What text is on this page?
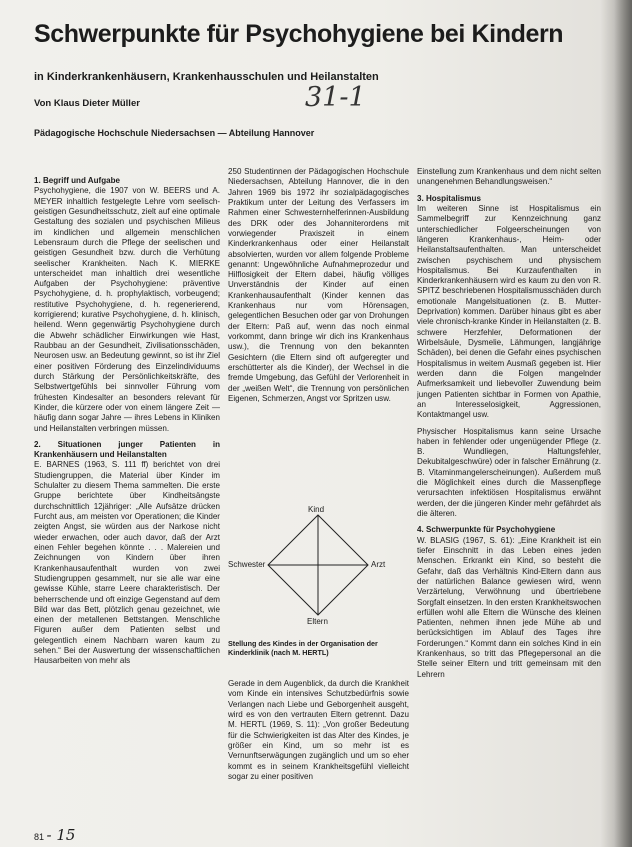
Schwerpunkte für Psychohygiene bei Kindern

in Kinderkrankenhäusern, Krankenhausschulen und Heilanstalten

Von Klaus Dieter Müller	31-1

Pädagogische Hochschule Niedersachsen — Abteilung Hannover

1. Begriff und Aufgabe

Psychohygiene, die 1907 von W. BEERS und A. MEYER inhaltlich festgelegte Lehre vom seelisch-geistigen Gesundheitsschutz, zielt auf eine optimale Gestaltung des sozialen und psychischen Milieus im kindlichen und allgemein menschlichen Lebensraum durch die Pflege der seelischen und geistigen Gesundheit bzw. durch die Verhütung seelischer Krankheiten. Nach K. MIERKE unterscheidet man inhaltlich drei wesentliche Aufgaben der Psychohygiene: präventive Psychohygiene, d. h. prophylaktisch, vorbeugend; restitutive Psychohygiene, d. h. regenerierend, korrigierend; kurative Psychohygiene, d. h. klinisch, heilend. Wenn gegenwärtig Psychohygiene durch die Abwehr schädlicher Einwirkungen wie Hast, Raubbau an der Gesundheit, Zivilisationsschäden, Neurosen usw. an Bedeutung gewinnt, so ist ihr Ziel einer positiven Förderung des Einzelindividuums durch Stärkung der Persönlichkeitskräfte, des Selbstwertgefühls bei sinnvoller Führung vom frühesten Kindesalter an besonders relevant für Kinder, die kürzere oder von einem längere Zeit — häufig dann sogar Jahre — ihres Lebens in Kliniken und Heilanstalten verbringen müssen.

2. Situationen junger Patienten in Krankenhäusern und Heilanstalten

E. BARNES (1963, S. 111 ff) berichtet von drei Studiengruppen, die Material über Kinder im Schulalter zu diesem Thema sammelten. Die erste Gruppe berichtete über Kindheitsängste durchschnittlich 12jähriger: „Alle Aufsätze drücken Furcht aus, am meisten vor Operationen; die Kinder zeigten Angst, sie würden aus der Narkose nicht wieder erwachen, oder auch davor, daß der Arzt einen Fehler begehen könnte . . . Malereien und Zeichnungen von Kindern über ihren Krankenhausaufenthalt wurden von zwei Studiengruppen gesammelt, nur sie alle war eine gewisse Kühle, starre Leere charakteristisch. Der beherrschende und oft einzige Gegenstand auf dem Bild war das Bett, plötzlich genau gezeichnet, wie einen der metallenen Bettstangen. Menschliche Figuren außer dem Patienten selbst und gelegentlich einem Nachbarn waren kaum zu sehen.“ Bei der Auswertung der wissenschaftlichen Hausarbeiten von mehr als

250 Studentinnen der Pädagogischen Hochschule Niedersachsen, Abteilung Hannover, die in den Jahren 1969 bis 1972 ihr sozialpädagogisches Praktikum unter der Leitung des Verfassers im Rahmen einer Schwesternhelferinnen-Ausbildung des DRK oder des Johanniterordens mit vorwiegender Praxiszeit in einem Kinderkrankenhaus oder einer Heilanstalt absolvierten, wurden vor allem folgende Probleme genannt: Ungewöhnliche Aufnahmeprozedur und Hilflosigkeit der Eltern dabei, häufig völliges Unverständnis der Kinder auf einen Krankenhausaufenthalt (Kinder kennen das Krankenhaus nur vom Hörensagen, gelegentlichen Besuchen oder gar von Drohungen der Eltern: Paß auf, wenn das noch einmal vorkommt, dann bringe wir dich ins Krankenhaus usw.), die Trennung von den bekannten Gesichtern (die Eltern sind oft aufgeregter und erschütterter als die Kinder), der Wechsel in die fremde Umgebung, das Gefühl der Verlorenheit in der „weißen Welt“, die Trennung von persönlichen Eigenen, Schmerzen, Angst vor Spritzen usw.

Kind
Schwester	Arzt
Eltern
Stellung des Kindes in der Organisation der Kinderklinik (nach M. HERTL)

Gerade in dem Augenblick, da durch die Krankheit vom Kinde ein intensives Schutzbedürfnis sowie Verlangen nach Liebe und Geborgenheit ausgeht, wird es von den vertrauten Eltern getrennt. Dazu M. HERTL (1969, S. 11): „Von großer Bedeutung für die Schwierigkeiten ist das Alter des Kindes, je größer ein Kind, um so mehr ist es Vernunftserwägungen zugänglich und um so eher kommt es in seinem Krankheitsgefühl vielleicht sogar zu einer positiven

Einstellung zum Krankenhaus und dem nicht selten unangenehmen Behandlungsweisen.“

3. Hospitalismus

Im weiteren Sinne ist Hospitalismus ein Sammelbegriff zur Kennzeichnung ganz unterschiedlicher Folgeerscheinungen von längeren Krankenhaus-, Heim- oder Heilanstaltsaufenthalten. Man unterscheidet zwischen psychischem und physischem Hospitalismus. Bei Kurzaufenthalten in Kinderkrankenhäusern wird es kaum zu den von R. SPITZ beschriebenen Hospitalismusschäden durch emotionale Mangelsituationen (z. B. Mutter-Deprivation) kommen. Darüber hinaus gibt es aber viele chronisch-kranke Kinder in Heilanstalten (z. B. schwere Herzfehler, Deformationen der Wirbelsäule, Dysmelie, Lähmungen, langjährige Schäden), bei denen die Gefahr eines psychischen Hospitalismus in weitem Ausmaß gegeben ist. Hier werden dann die Folgen mangelnder Aufmerksamkeit und liebevoller Zuwendung beim jungen Patienten sichtbar in Formen von Apathie, an Interesselosigkeit, Aggressionen, Kontaktmangel usw.

Physischer Hospitalismus kann seine Ursache haben in fehlender oder ungenügender Pflege (z. B. Wundliegen, Haltungsfehler, Dekubitalgeschwüre) oder in falscher Ernährung (z. B. Vitaminmangelerscheinungen). Außerdem muß die Möglichkeit eines durch die Massenpflege verursachten infektiösen Hospitalismus erwähnt werden, der die jüngeren Kinder mehr gefährdet als die älteren.

4. Schwerpunkte für Psychohygiene

W. BLASIG (1967, S. 61): „Eine Krankheit ist ein tiefer Einschnitt in das Leben eines jeden Menschen. Erkrankt ein Kind, so besteht die Gefahr, daß das Verhältnis Kind-Eltern dann aus der natürlichen Balance gewiesen wird, wenn Verzärtelung, Verwöhnung und übertriebene Sorgfalt einsetzen. In den ersten Krankheitswochen erfüllen wohl alle Eltern die Wünsche des kleinen Patienten, nehmen ihnen jede Mühe ab und berücksichtigen im Ablauf des Tages ihre Forderungen.“ Kommt dann ein solches Kind in ein Krankenhaus, so tritt das Pflegepersonal an die Stelle seiner Eltern und tritt gemeinsam mit den Lehrern

81 - 15
